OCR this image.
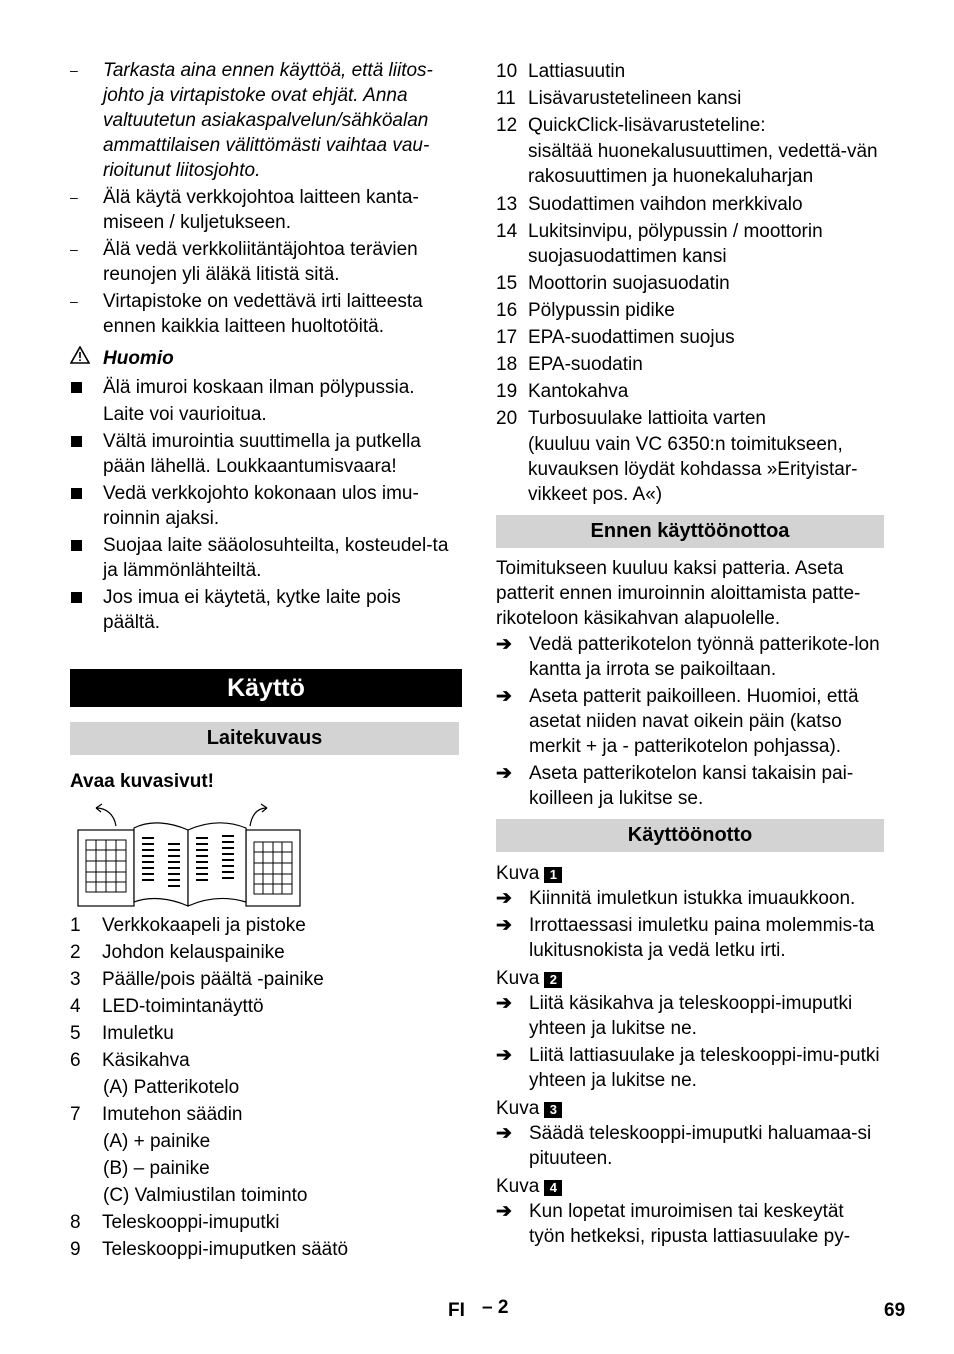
–	Tarkasta aina ennen käyttöä, että liitos-johto ja virtapistoke ovat ehjät. Anna valtuutetun asiakaspalvelun/sähköalan ammattilaisen välittömästi vaihtaa vau-rioitunut liitosjohto.
–	Älä käytä verkkojohtoa laitteen kanta-miseen / kuljetukseen.
–	Älä vedä verkkoliitäntäjohtoa terävien reunojen yli äläkä litistä sitä.
–	Virtapistoke on vedettävä irti laitteesta ennen kaikkia laitteen huoltotöitä.
Huomio
Älä imuroi koskaan ilman pölypussia.
Laite voi vaurioitua.
Vältä imurointia suuttimella ja putkella pään lähellä. Loukkaantumisvaara!
Vedä verkkojohto kokonaan ulos imu-roinnin ajaksi.
Suojaa laite sääolosuhteilta, kosteudel-ta ja lämmönlähteiltä.
Jos imua ei käytetä, kytke laite pois päältä.
Käyttö
Laitekuvaus
Avaa kuvasivut!
1	Verkkokaapeli ja pistoke
2	Johdon kelauspainike
3	Päälle/pois päältä -painike
4	LED-toimintanäyttö
5	Imuletku
6	Käsikahva
(A) Patterikotelo
7	Imutehon säädin
(A) + painike
(B) – painike
(C) Valmiustilan toiminto
8	Teleskooppi-imuputki
9	Teleskooppi-imuputken säätö
10 Lattiasuutin
11 Lisävarustetelineen kansi
12 QuickClick-lisävarusteteline:
sisältää huonekalusuuttimen, vedettä-vän rakosuuttimen ja huonekaluharjan
13 Suodattimen vaihdon merkkivalo
14 Lukitsinvipu, pölypussin / moottorin suojasuodattimen kansi
15 Moottorin suojasuodatin
16 Pölypussin pidike
17 EPA-suodattimen suojus
18 EPA-suodatin
19 Kantokahva
20 Turbosuulake lattioita varten
(kuuluu vain VC 6350:n toimitukseen, kuvauksen löydät kohdassa »Erityistar-vikkeet pos. A«)
Ennen käyttöönottoa
Toimitukseen kuuluu kaksi patteria. Aseta patterit ennen imuroinnin aloittamista patte-rikoteloon käsikahvan alapuolelle.
➔ Vedä patterikotelon työnnä patterikote-lon kantta ja irrota se paikoiltaan.
➔ Aseta patterit paikoilleen. Huomioi, että asetat niiden navat oikein päin (katso merkit + ja - patterikotelon pohjassa).
➔ Aseta patterikotelon kansi takaisin pai-koilleen ja lukitse se.
Käyttöönotto
Kuva 1
➔ Kiinnitä imuletkun istukka imuaukkoon.
➔ Irrottaessasi imuletku paina molemmis-ta lukitusnokista ja vedä letku irti.
Kuva 2
➔ Liitä käsikahva ja teleskooppi-imuputki yhteen ja lukitse ne.
➔ Liitä lattiasuulake ja teleskooppi-imu-putki yhteen ja lukitse ne.
Kuva 3
➔ Säädä teleskooppi-imuputki haluamaa-si pituuteen.
Kuva 4
➔ Kun lopetat imuroimisen tai keskeytät työn hetkeksi, ripusta lattiasuulake py-
FI – 2	69
